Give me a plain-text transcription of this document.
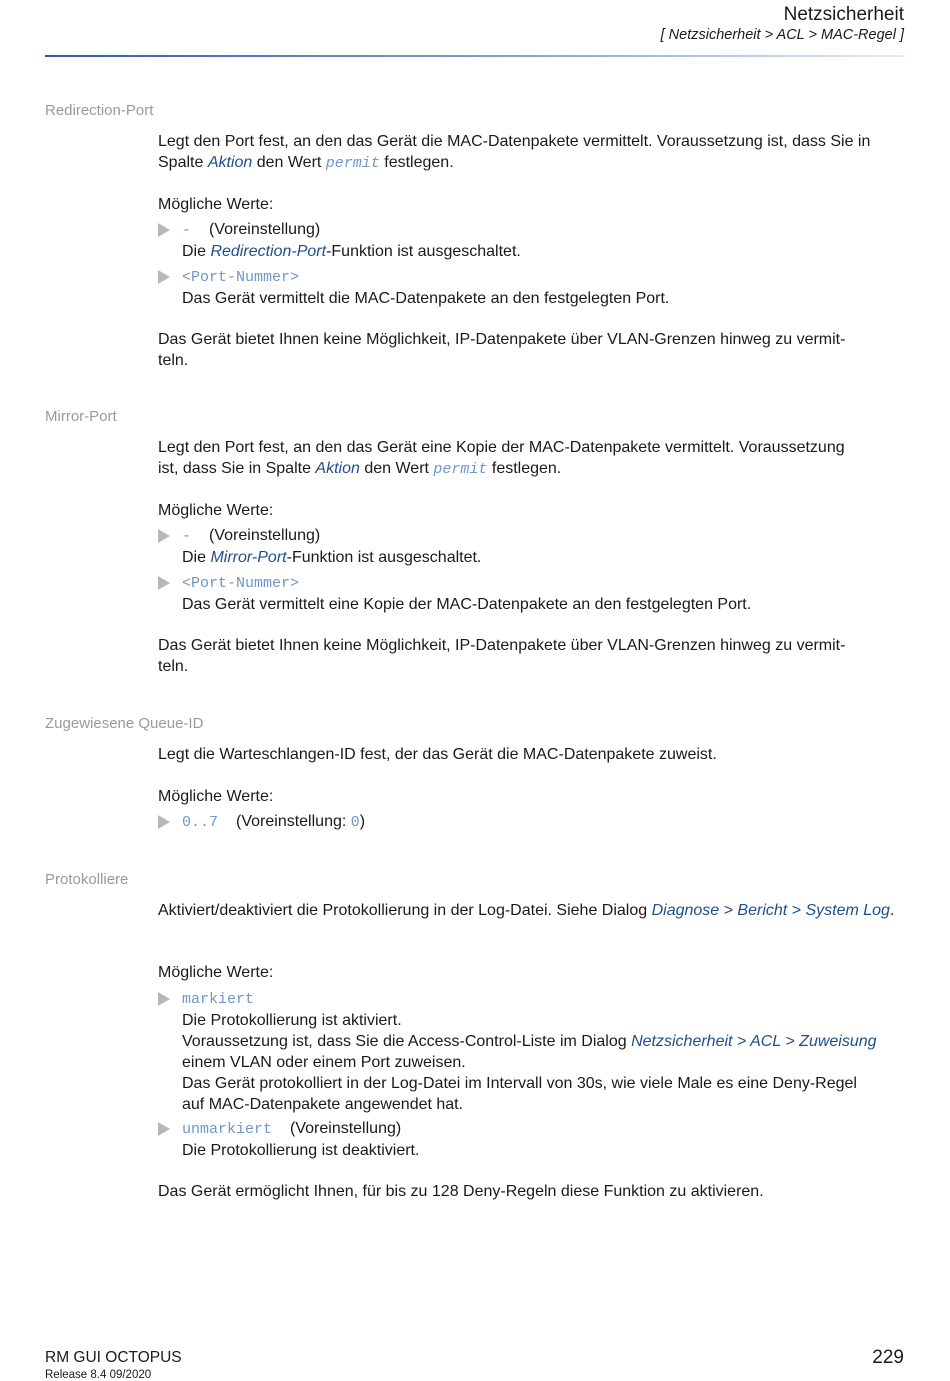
Netzsicherheit
[ Netzsicherheit > ACL > MAC-Regel ]
Redirection-Port
Legt den Port fest, an den das Gerät die MAC-Datenpakete vermittelt. Voraussetzung ist, dass Sie in Spalte Aktion den Wert permit festlegen.
Mögliche Werte:
- (Voreinstellung)
Die Redirection-Port-Funktion ist ausgeschaltet.
<Port-Nummer>
Das Gerät vermittelt die MAC-Datenpakete an den festgelegten Port.
Das Gerät bietet Ihnen keine Möglichkeit, IP-Datenpakete über VLAN-Grenzen hinweg zu vermit-
teln.
Mirror-Port
Legt den Port fest, an den das Gerät eine Kopie der MAC-Datenpakete vermittelt. Voraussetzung
ist, dass Sie in Spalte Aktion den Wert permit festlegen.
Mögliche Werte:
- (Voreinstellung)
Die Mirror-Port-Funktion ist ausgeschaltet.
<Port-Nummer>
Das Gerät vermittelt eine Kopie der MAC-Datenpakete an den festgelegten Port.
Das Gerät bietet Ihnen keine Möglichkeit, IP-Datenpakete über VLAN-Grenzen hinweg zu vermit-
teln.
Zugewiesene Queue-ID
Legt die Warteschlangen-ID fest, der das Gerät die MAC-Datenpakete zuweist.
Mögliche Werte:
0..7 (Voreinstellung: 0)
Protokolliere
Aktiviert/deaktiviert die Protokollierung in der Log-Datei. Siehe Dialog Diagnose > Bericht > System Log.
Mögliche Werte:
markiert
Die Protokollierung ist aktiviert.
Voraussetzung ist, dass Sie die Access-Control-Liste im Dialog Netzsicherheit > ACL > Zuweisung
einem VLAN oder einem Port zuweisen.
Das Gerät protokolliert in der Log-Datei im Intervall von 30s, wie viele Male es eine Deny-Regel
auf MAC-Datenpakete angewendet hat.
unmarkiert (Voreinstellung)
Die Protokollierung ist deaktiviert.
Das Gerät ermöglicht Ihnen, für bis zu 128 Deny-Regeln diese Funktion zu aktivieren.
RM GUI OCTOPUS
Release 8.4 09/2020
229
